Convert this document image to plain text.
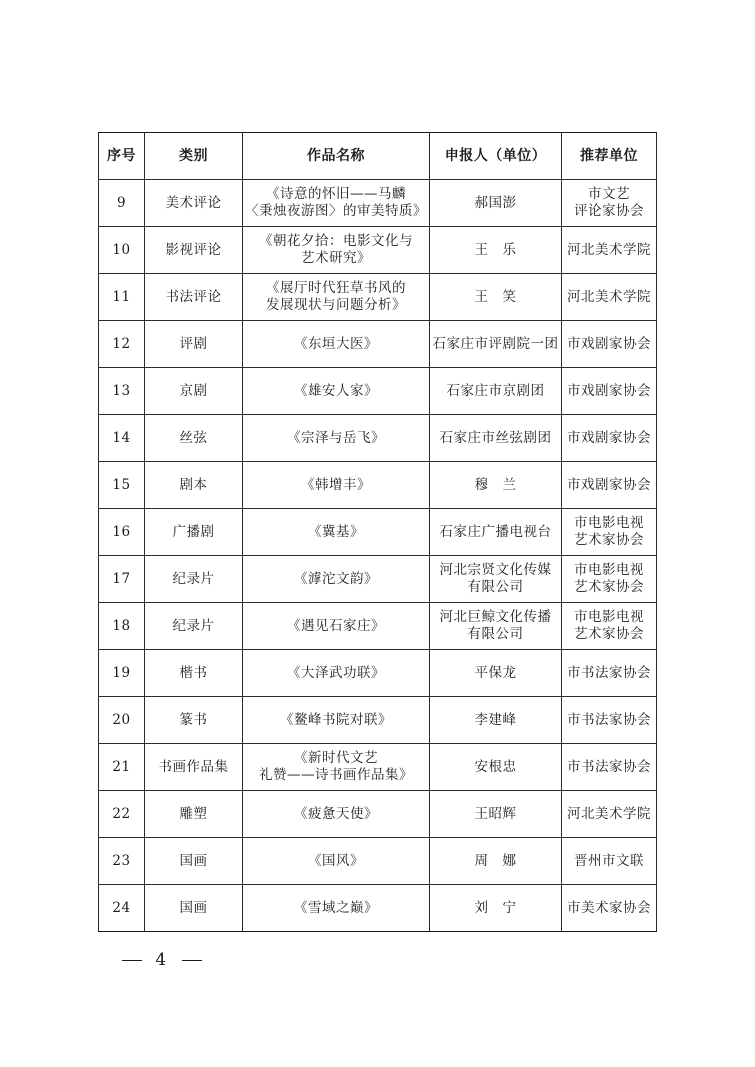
序号	类别	作品名称	申报人（单位）	推荐单位
9	美术评论	《诗意的怀旧——马麟
〈秉烛夜游图〉的审美特质》	郝国澎	市文艺
评论家协会

10	影视评论	《朝花夕拾：电影文化与
艺术研究》	王　乐	河北美术学院

11	书法评论	《展厅时代狂草书风的
发展现状与问题分析》	王　笑	河北美术学院

12	评剧	《东垣大医》	石家庄市评剧院一团	市戏剧家协会

13	京剧	《雄安人家》	石家庄市京剧团	市戏剧家协会

14	丝弦	《宗泽与岳飞》	石家庄市丝弦剧团	市戏剧家协会

15	剧本	《韩增丰》	穆　兰	市戏剧家协会

16	广播剧	《冀基》	石家庄广播电视台	市电影电视
艺术家协会

17	纪录片	《滹沱文韵》	河北宗贤文化传媒
有限公司	市电影电视
艺术家协会

18	纪录片	《遇见石家庄》	河北巨鲸文化传播
有限公司	市电影电视
艺术家协会

19	楷书	《大泽武功联》	平保龙	市书法家协会

20	篆书	《鳌峰书院对联》	李建峰	市书法家协会

21	书画作品集	《新时代文艺
礼赞——诗书画作品集》	安根忠	市书法家协会

22	雕塑	《疲惫天使》	王昭辉	河北美术学院

23	国画	《国风》	周　娜	晋州市文联

24	国画	《雪域之巅》	刘　宁	市美术家协会
4
